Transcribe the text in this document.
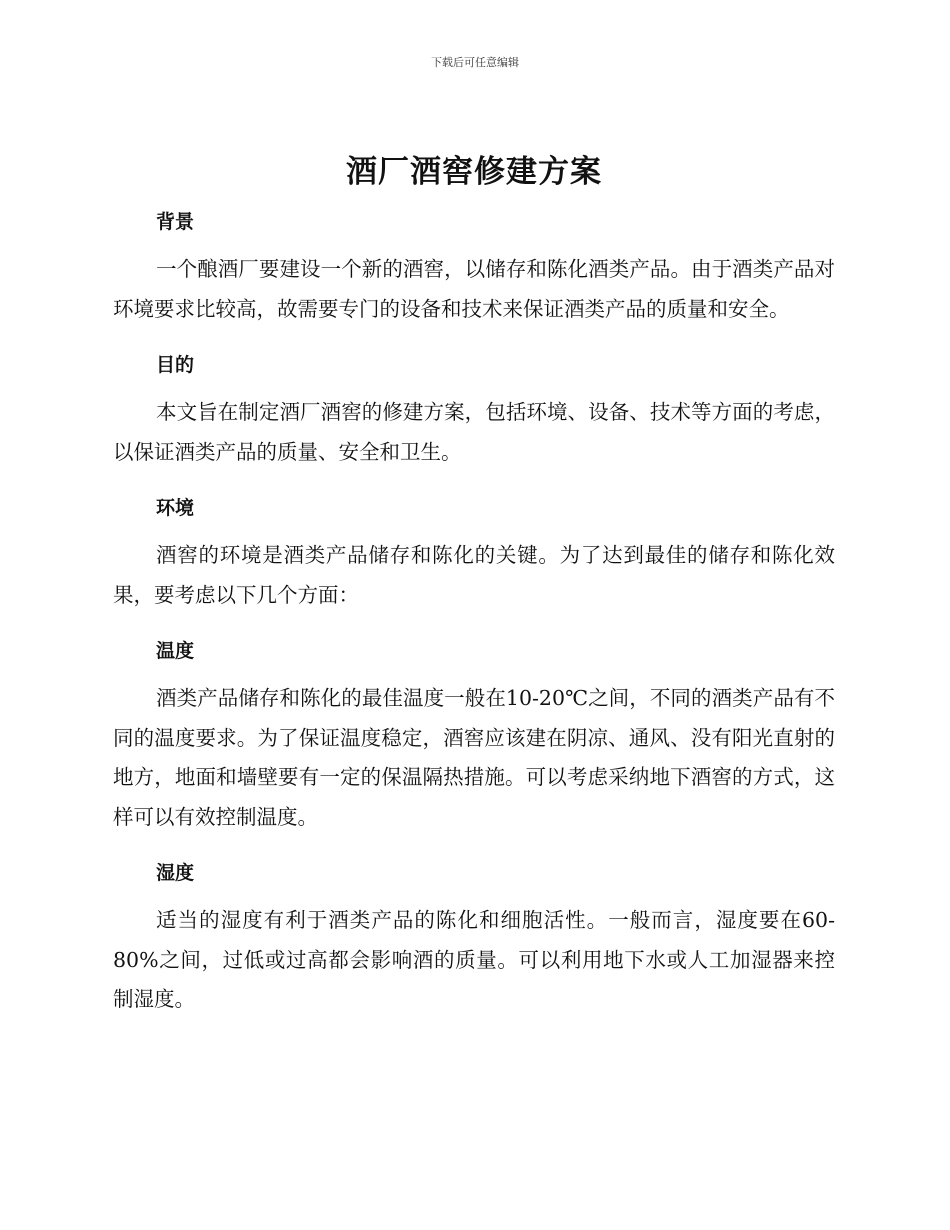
下载后可任意编辑
酒厂酒窖修建方案
背景

一个酿酒厂要建设一个新的酒窖，以储存和陈化酒类产品。由于酒类产品对环境要求比较高，故需要专门的设备和技术来保证酒类产品的质量和安全。

目的

本文旨在制定酒厂酒窖的修建方案，包括环境、设备、技术等方面的考虑，以保证酒类产品的质量、安全和卫生。

环境

酒窖的环境是酒类产品储存和陈化的关键。为了达到最佳的储存和陈化效果，要考虑以下几个方面：

温度

酒类产品储存和陈化的最佳温度一般在10-20℃之间，不同的酒类产品有不同的温度要求。为了保证温度稳定，酒窖应该建在阴凉、通风、没有阳光直射的地方，地面和墙壁要有一定的保温隔热措施。可以考虑采纳地下酒窖的方式，这样可以有效控制温度。

湿度

适当的湿度有利于酒类产品的陈化和细胞活性。一般而言，湿度要在60-80%之间，过低或过高都会影响酒的质量。可以利用地下水或人工加湿器来控制湿度。
